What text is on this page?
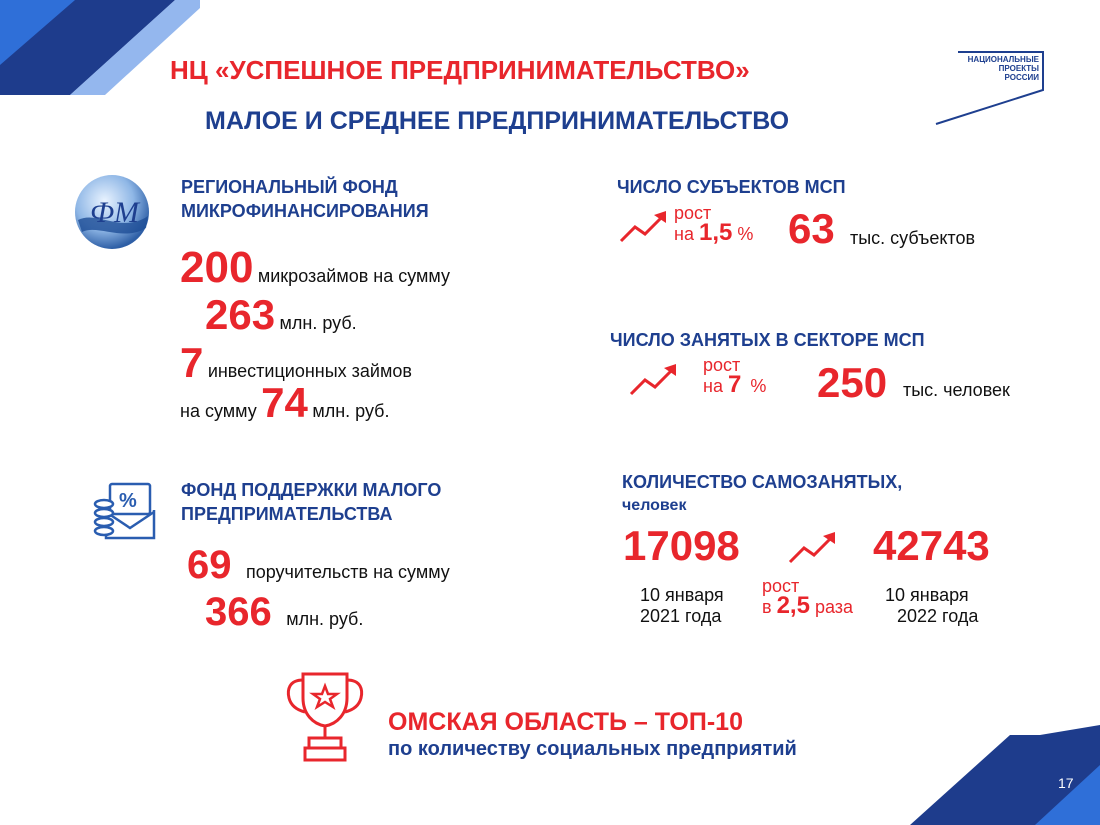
НЦ «УСПЕШНОЕ ПРЕДПРИНИМАТЕЛЬСТВО»
МАЛОЕ И СРЕДНЕЕ ПРЕДПРИНИМАТЕЛЬСТВО
НАЦИОНАЛЬНЫЕ
ПРОЕКТЫ
РОССИИ
ФМ
РЕГИОНАЛЬНЫЙ ФОНД
МИКРОФИНАНСИРОВАНИЯ
200 микрозаймов на сумму
263 млн. руб.
7 инвестиционных займов
на сумму 74 млн. руб.
% ФОНД ПОДДЕРЖКИ МАЛОГО
ПРЕДПРИМАТЕЛЬСТВА
69 поручительств на сумму
366 млн. руб.
ЧИСЛО СУБЪЕКТОВ МСП
рост
на 1,5 % 63 тыс. субъектов
ЧИСЛО ЗАНЯТЫХ В СЕКТОРЕ МСП
рост
на 7 % 250 тыс. человек
КОЛИЧЕСТВО САМОЗАНЯТЫХ,
человек
17098	42743
10 января
2021 года
рост
в 2,5 раза
10 января
2022 года
ОМСКАЯ ОБЛАСТЬ – ТОП-10
по количеству социальных предприятий
17
